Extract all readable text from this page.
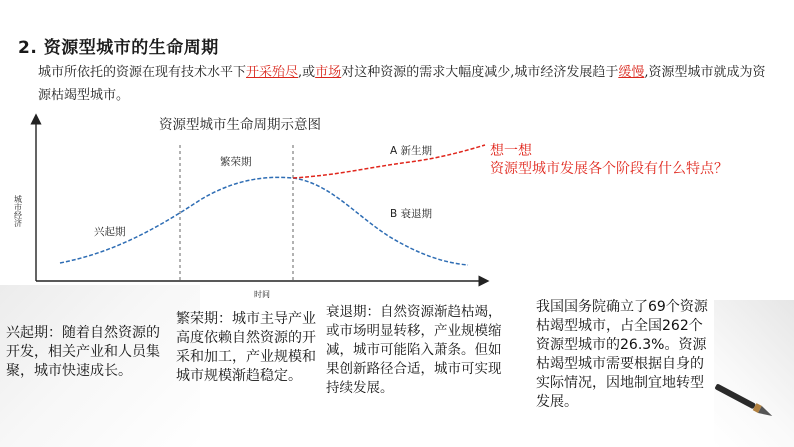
2. 资源型城市的生命周期
城市所依托的资源在现有技术水平下开采殆尽,或市场对这种资源的需求大幅度减少,城市经济发展趋于缓慢,资源型城市就成为资源枯竭型城市。
资源型城市生命周期示意图
城市经济
时间
兴起期
繁荣期
A 新生期
B 衰退期
想一想
资源型城市发展各个阶段有什么特点？
兴起期：随着自然资源的开发，相关产业和人员集聚，城市快速成长。
繁荣期：城市主导产业高度依赖自然资源的开采和加工，产业规模和城市规模渐趋稳定。
衰退期：自然资源渐趋枯竭，或市场明显转移，产业规模缩减，城市可能陷入萧条。但如果创新路径合适，城市可实现持续发展。
我国国务院确立了69个资源枯竭型城市，占全国262个资源型城市的26.3%。资源枯竭型城市需要根据自身的实际情况，因地制宜地转型发展。
